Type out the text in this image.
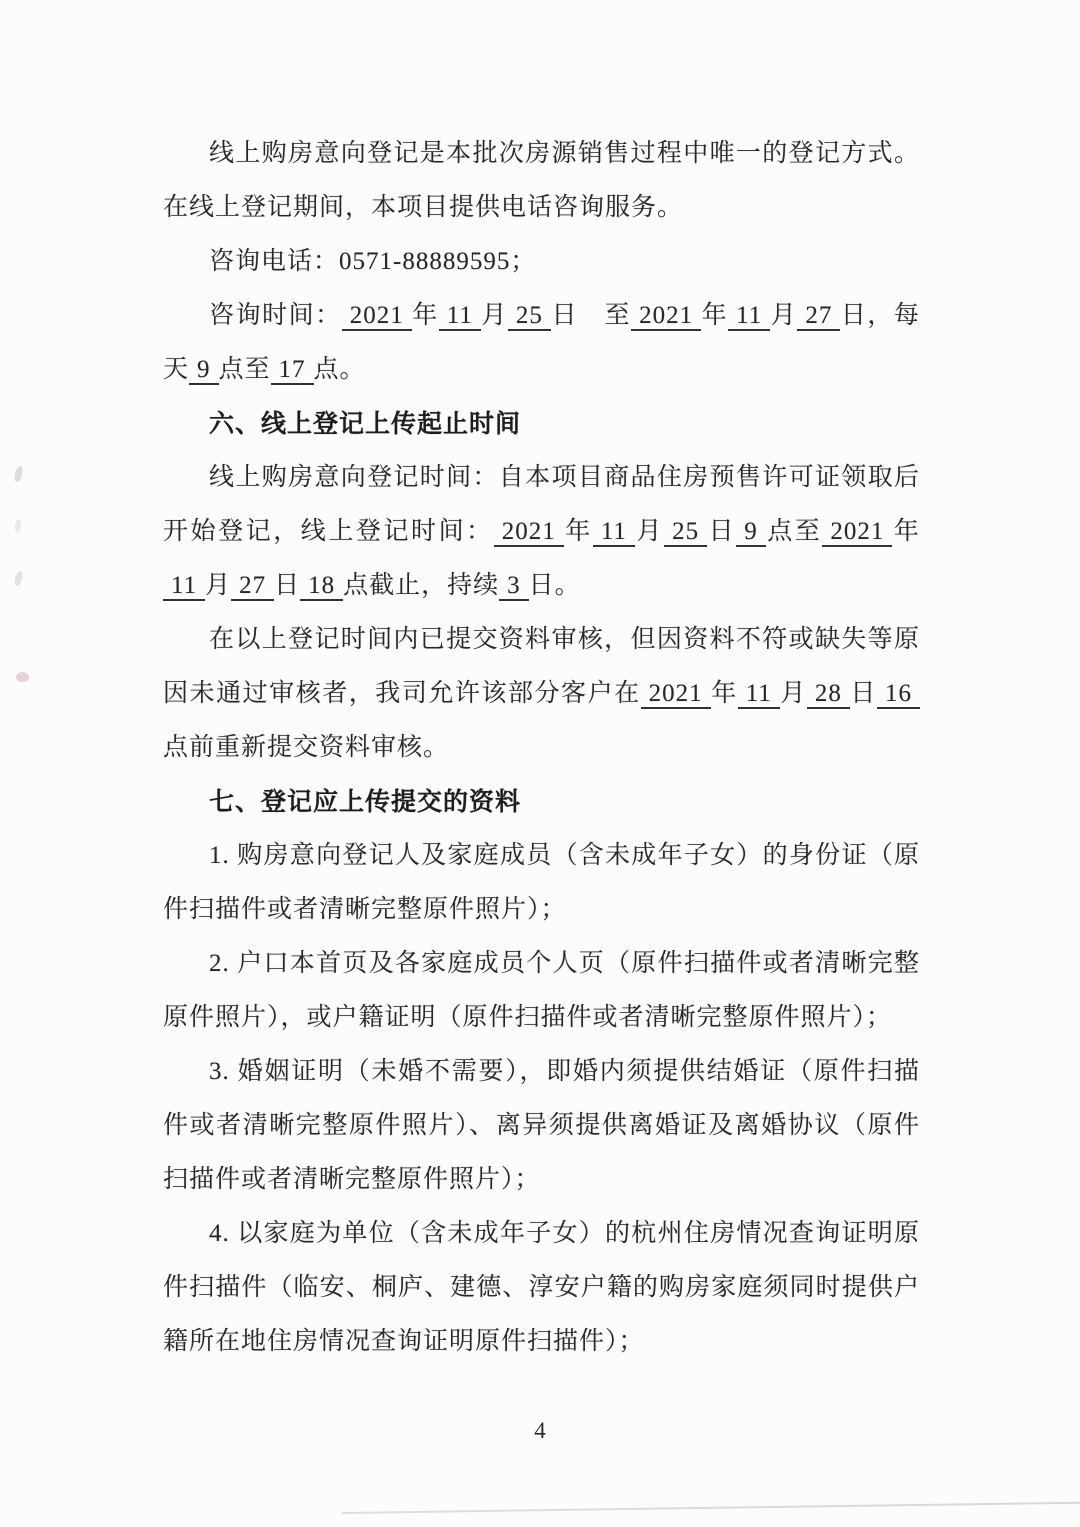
线上购房意向登记是本批次房源销售过程中唯一的登记方式。在线上登记期间，本项目提供电话咨询服务。

咨询电话：0571-88889595；

咨询时间： 2021 年 11 月 25 日　至 2021 年 11 月 27 日，每天 9 点至 17 点。

六、线上登记上传起止时间

线上购房意向登记时间：自本项目商品住房预售许可证领取后开始登记，线上登记时间： 2021 年 11 月 25 日 9 点至 2021 年11 月 27 日 18 点截止，持续 3 日。

在以上登记时间内已提交资料审核，但因资料不符或缺失等原因未通过审核者，我司允许该部分客户在 2021 年 11 月 28 日 16点前重新提交资料审核。

七、登记应上传提交的资料

1. 购房意向登记人及家庭成员（含未成年子女）的身份证（原件扫描件或者清晰完整原件照片）；

2. 户口本首页及各家庭成员个人页（原件扫描件或者清晰完整原件照片），或户籍证明（原件扫描件或者清晰完整原件照片）；

3. 婚姻证明（未婚不需要），即婚内须提供结婚证（原件扫描件或者清晰完整原件照片）、离异须提供离婚证及离婚协议（原件扫描件或者清晰完整原件照片）；

4. 以家庭为单位（含未成年子女）的杭州住房情况查询证明原件扫描件（临安、桐庐、建德、淳安户籍的购房家庭须同时提供户籍所在地住房情况查询证明原件扫描件）；

4
